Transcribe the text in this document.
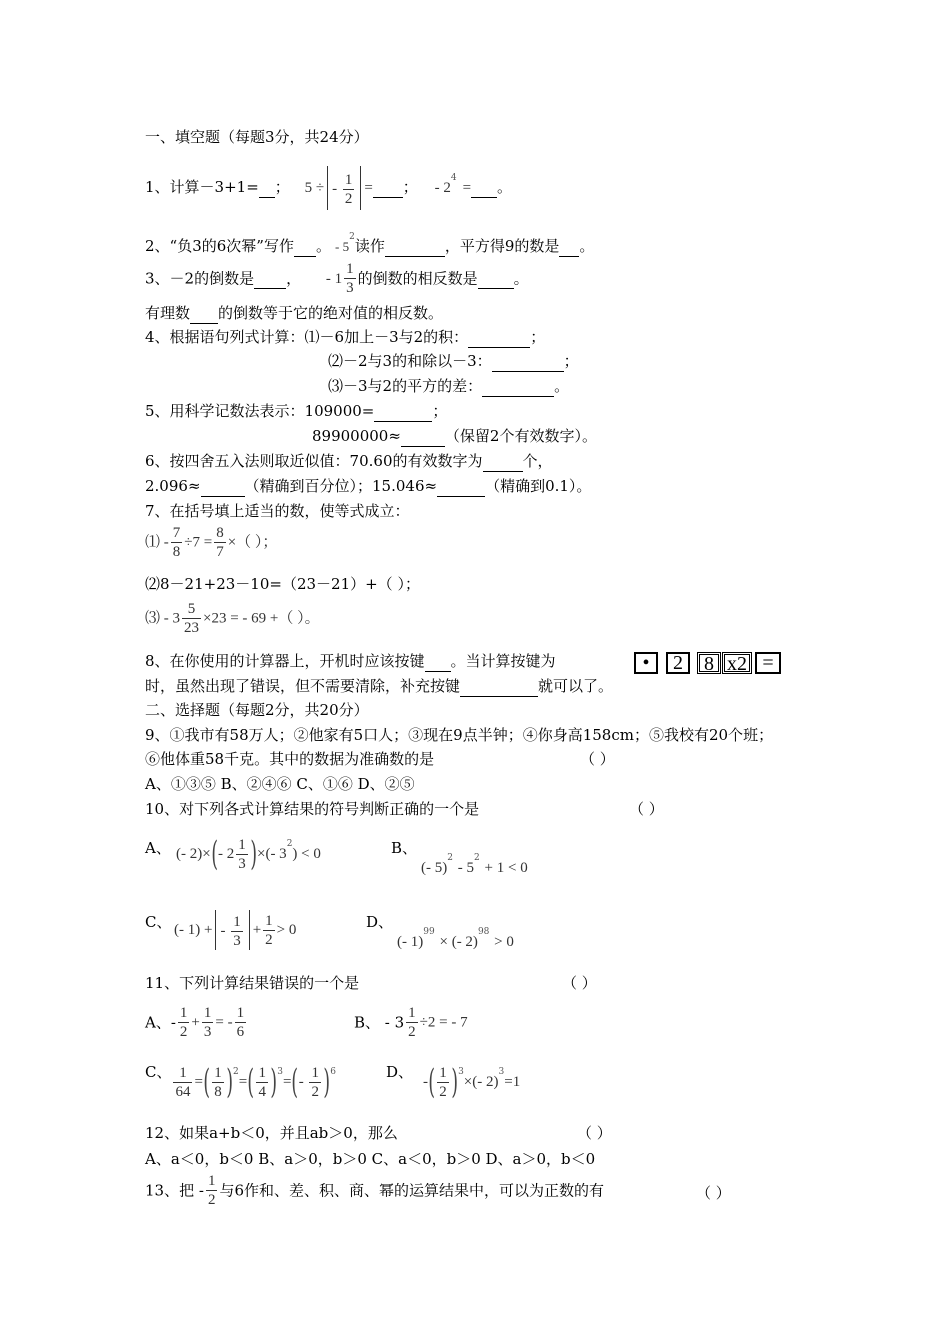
一、填空题（每题3分，共24分）
1、计算－3+1= ； 5 ÷ - $\frac{1}{2}$ = ； - $2^4=$ 。
2、“负3的6次幂”写作 。 - $5^2$读作	，平方得9的数是 。
3、－2的倒数是 ， - $1 \frac{1}{3}$ 的倒数的相反数是 。
有理数 的倒数等于它的绝对值的相反数。
4、根据语句列式计算：⑴－6加上－3与2的积：	；
⑵－2与3的和除以－3：	；
⑶－3与2的平方的差：	。
5、用科学记数法表示：109000=	；
89900000≈	（保留2个有效数字）。
6、按四舍五入法则取近似值：70.60的有效数字为	个，
2.096≈	（精确到百分位）；15.046≈	（精确到0.1）。
7、在括号填上适当的数，使等式成立：
⑴ - $\frac{7}{8} \div 7 = \frac{8}{7}$ ×（ ）；
⑵8－21+23－10=（23－21）+（ ）；
⑶ - $3 \frac{5}{23} \times 23$ = - 69 +（ ）。
8、在你使用的计算器上，开机时应该按键 。当计算按键为	•	2	8 x2 =
时，虽然出现了错误，但不需要清除，补充按键	就可以了。
二、选择题（每题2分，共20分）
9、①我市有58万人；②他家有5口人；③现在9点半钟；④你身高158cm；⑤我校有20个班；
⑥他体重58千克。其中的数据为准确数的是	（ ）
A、①③⑤ B、②④⑥ C、①⑥ D、②⑤
10、对下列各式计算结果的符号判断正确的一个是	（ ）
A、 (- 2)×(- $2 \frac{1}{3}$ )×(- $3^2) < 0$	B、
(- $5)^2 - 5^2 + 1 < 0$
C、 (- 1) + - $\frac{1}{3} + \frac{1}{2} > 0$	D、
(- 1)$^{99}$ × (- 2)$^{98}$ > 0
11、下列计算结果错误的一个是	（ ）
A、- $\frac{1}{2} + \frac{1}{3}$ = - $\frac{1}{6}$	B、 - $3 \frac{1}{2} \div 2$ = - 7
C、 $\frac{1}{64}$ =( $\frac{1}{8} )^2=( \frac{1}{4} )^3=(- \frac{1}{2} )^6$	D、-( $\frac{1}{2} )^3\times(-$ 2)$^3$=1
12、如果a+b＜0，并且ab＞0，那么	（ ）
A、a＜0，b＜0 B、a＞0，b＞0 C、a＜0，b＞0 D、a＞0，b＜0
13、把 - $\frac{1}{2}$ 与6作和、差、积、商、幂的运算结果中，可以为正数的有	（ ）
